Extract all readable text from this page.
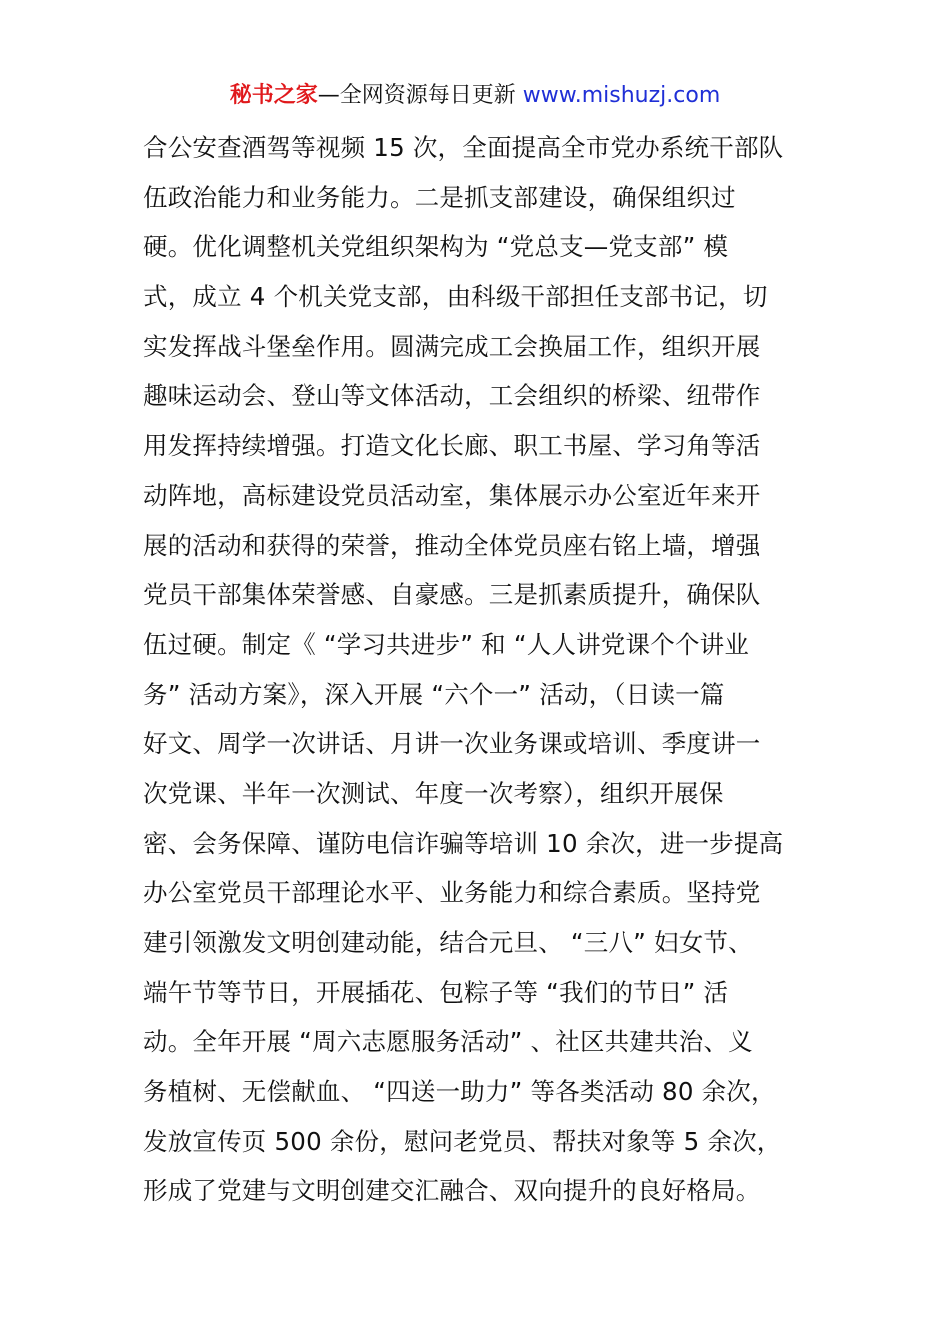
秘书之家—全网资源每日更新 www.mishuzj.com
合公安查酒驾等视频 15 次，全面提高全市党办系统干部队
伍政治能力和业务能力。二是抓支部建设，确保组织过
硬。优化调整机关党组织架构为 “党总支—党支部” 模
式，成立 4 个机关党支部，由科级干部担任支部书记，切
实发挥战斗堡垒作用。圆满完成工会换届工作，组织开展
趣味运动会、登山等文体活动，工会组织的桥梁、纽带作
用发挥持续增强。打造文化长廊、职工书屋、学习角等活
动阵地，高标建设党员活动室，集体展示办公室近年来开
展的活动和获得的荣誉，推动全体党员座右铭上墙，增强
党员干部集体荣誉感、自豪感。三是抓素质提升，确保队
伍过硬。制定《 “学习共进步” 和 “人人讲党课个个讲业
务” 活动方案》，深入开展 “六个一” 活动，（日读一篇
好文、周学一次讲话、月讲一次业务课或培训、季度讲一
次党课、半年一次测试、年度一次考察），组织开展保
密、会务保障、谨防电信诈骗等培训 10 余次，进一步提高
办公室党员干部理论水平、业务能力和综合素质。坚持党
建引领激发文明创建动能，结合元旦、 “三八” 妇女节、
端午节等节日，开展插花、包粽子等 “我们的节日” 活
动。全年开展 “周六志愿服务活动” 、社区共建共治、义
务植树、无偿献血、 “四送一助力” 等各类活动 80 余次，
发放宣传页 500 余份，慰问老党员、帮扶对象等 5 余次，
形成了党建与文明创建交汇融合、双向提升的良好格局。
